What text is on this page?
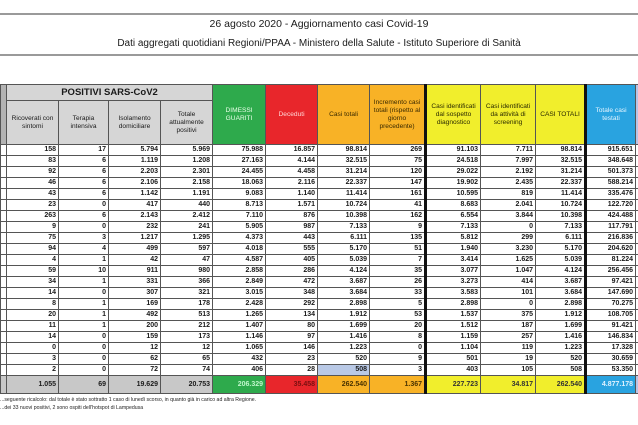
26 agosto 2020 - Aggiornamento casi Covid-19
Dati aggregati quotidiani Regioni/PPAA - Ministero della Salute - Istituto Superiore di Sanità
	POSITIVI SARS-CoV2				DIMESSI GUARITI	Deceduti	Casi totali	Incremento casi totali (rispetto al giorno precedente)	Casi identificati dal sospetto diagnostico	Casi identificati da attività di screening	CASI TOTALI	Totale casi testati	
	Ricoverati con sintomi	Terapia intensiva	Isolamento domiciliare	Totale attualmente positivi									
	158	17	5.794	5.969	75.988	16.857	98.814	269	91.103	7.711	98.814	915.651	
	83	6	1.119	1.208	27.163	4.144	32.515	75	24.518	7.997	32.515	348.648	
	92	6	2.203	2.301	24.455	4.458	31.214	120	29.022	2.192	31.214	501.373	
	46	6	2.106	2.158	18.063	2.116	22.337	147	19.902	2.435	22.337	588.214	
	43	6	1.142	1.191	9.083	1.140	11.414	161	10.595	819	11.414	335.476	
	23	0	417	440	8.713	1.571	10.724	41	8.683	2.041	10.724	122.720	
	263	6	2.143	2.412	7.110	876	10.398	162	6.554	3.844	10.398	424.488	
	9	0	232	241	5.905	987	7.133	9	7.133	0	7.133	117.791	
	75	3	1.217	1.295	4.373	443	6.111	135	5.812	299	6.111	216.836	
	94	4	499	597	4.018	555	5.170	51	1.940	3.230	5.170	204.620	
	4	1	42	47	4.587	405	5.039	7	3.414	1.625	5.039	81.224	
	59	10	911	980	2.858	286	4.124	35	3.077	1.047	4.124	256.456	
	34	1	331	366	2.849	472	3.687	26	3.273	414	3.687	97.421	
	14	0	307	321	3.015	348	3.684	33	3.583	101	3.684	147.690	
	8	1	169	178	2.428	292	2.898	5	2.898	0	2.898	70.275	
	20	1	492	513	1.265	134	1.912	53	1.537	375	1.912	108.705	
	11	1	200	212	1.407	80	1.699	20	1.512	187	1.699	91.421	
	14	0	159	173	1.146	97	1.416	8	1.159	257	1.416	146.834	
	0	0	12	12	1.065	146	1.223	0	1.104	119	1.223	17.328	
	3	0	62	65	432	23	520	9	501	19	520	30.659	
	2	0	72	74	406	28	508	3	403	105	508	53.350	
	1.055	69	19.629	20.753	206.329	35.458	262.540	1.367	227.723	34.817	262.540	4.877.178	
...seguente ricalcolo: dal totale è stato sottratto 1 caso di lunedì scorso, in quanto già in carico ad altra Regione.
...dei 33 nuovi positivi, 2 sono ospiti dell'hotspot di Lampedusa
